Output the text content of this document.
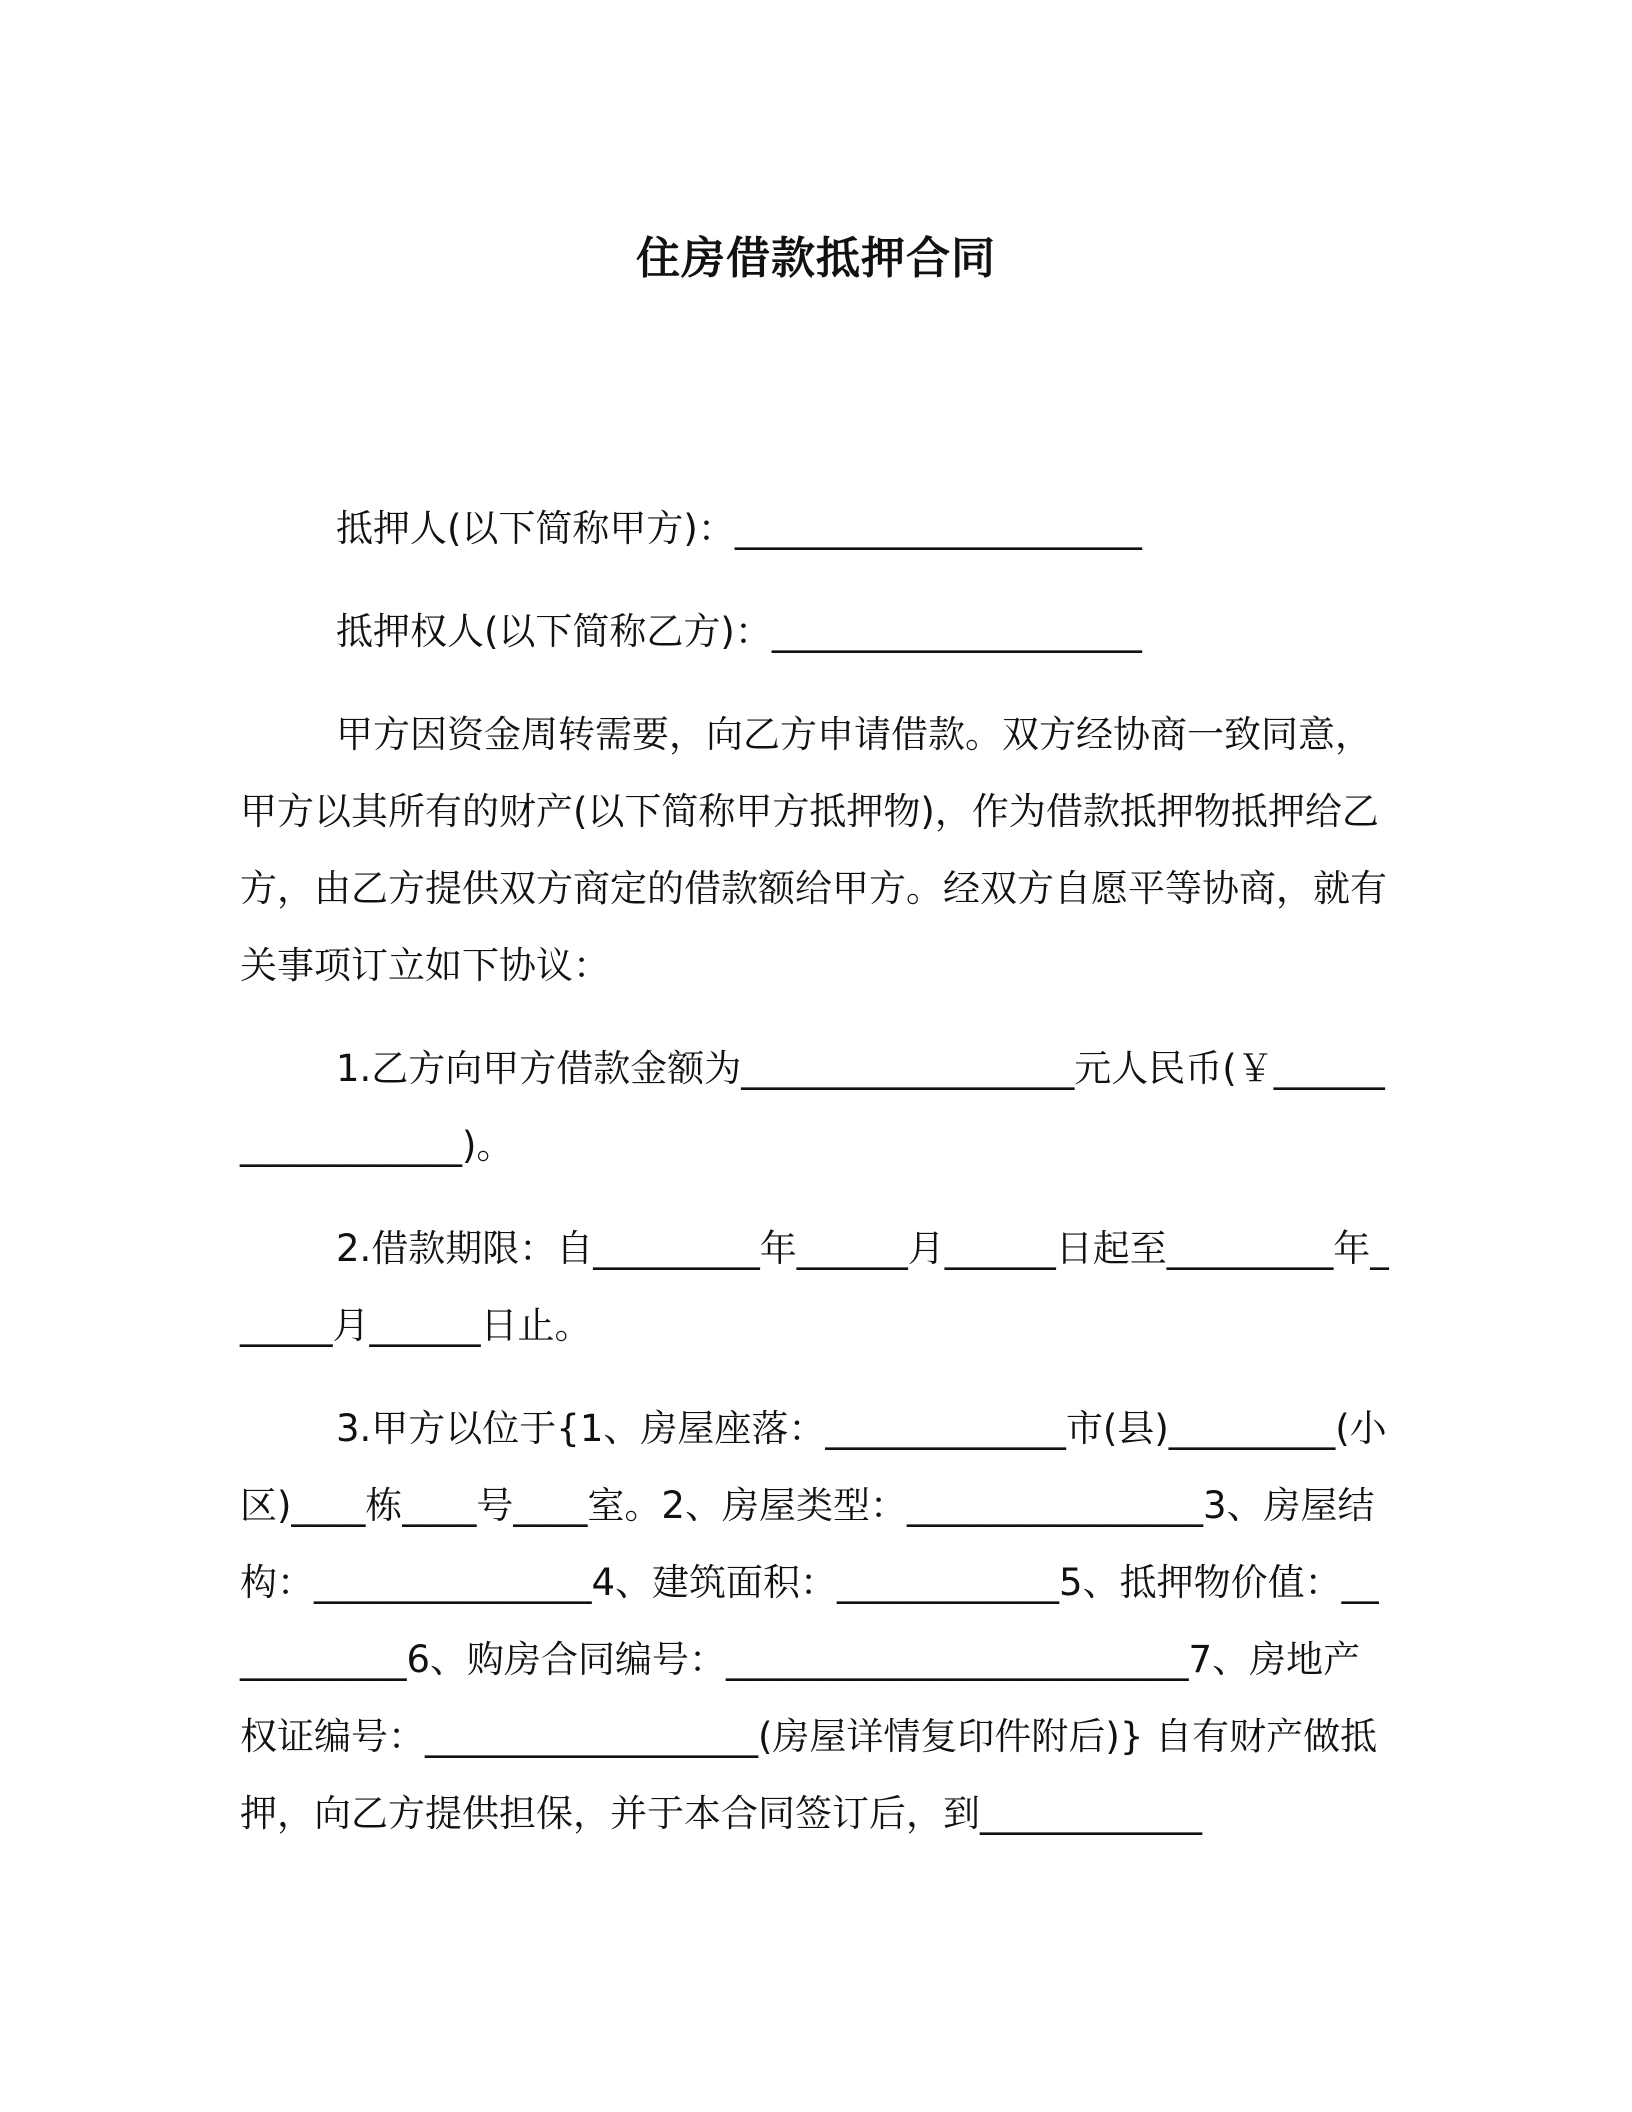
住房借款抵押合同

抵押人(以下简称甲方)：______________________

抵押权人(以下简称乙方)：____________________

甲方因资金周转需要，向乙方申请借款。双方经协商一致同意，甲方以其所有的财产(以下简称甲方抵押物)，作为借款抵押物抵押给乙方，由乙方提供双方商定的借款额给甲方。经双方自愿平等协商，就有关事项订立如下协议：

1.乙方向甲方借款金额为__________________元人民币(￥__________________)。

2.借款期限：自_________年______月______日起至_________年______月______日止。

3.甲方以位于{1、房屋座落：_____________市(县)_________(小区)____栋____号____室。2、房屋类型：________________3、房屋结构：_______________4、建筑面积：____________5、抵押物价值：___________6、购房合同编号：_________________________7、房地产权证编号：__________________(房屋详情复印件附后)} 自有财产做抵押，向乙方提供担保，并于本合同签订后，到____________
